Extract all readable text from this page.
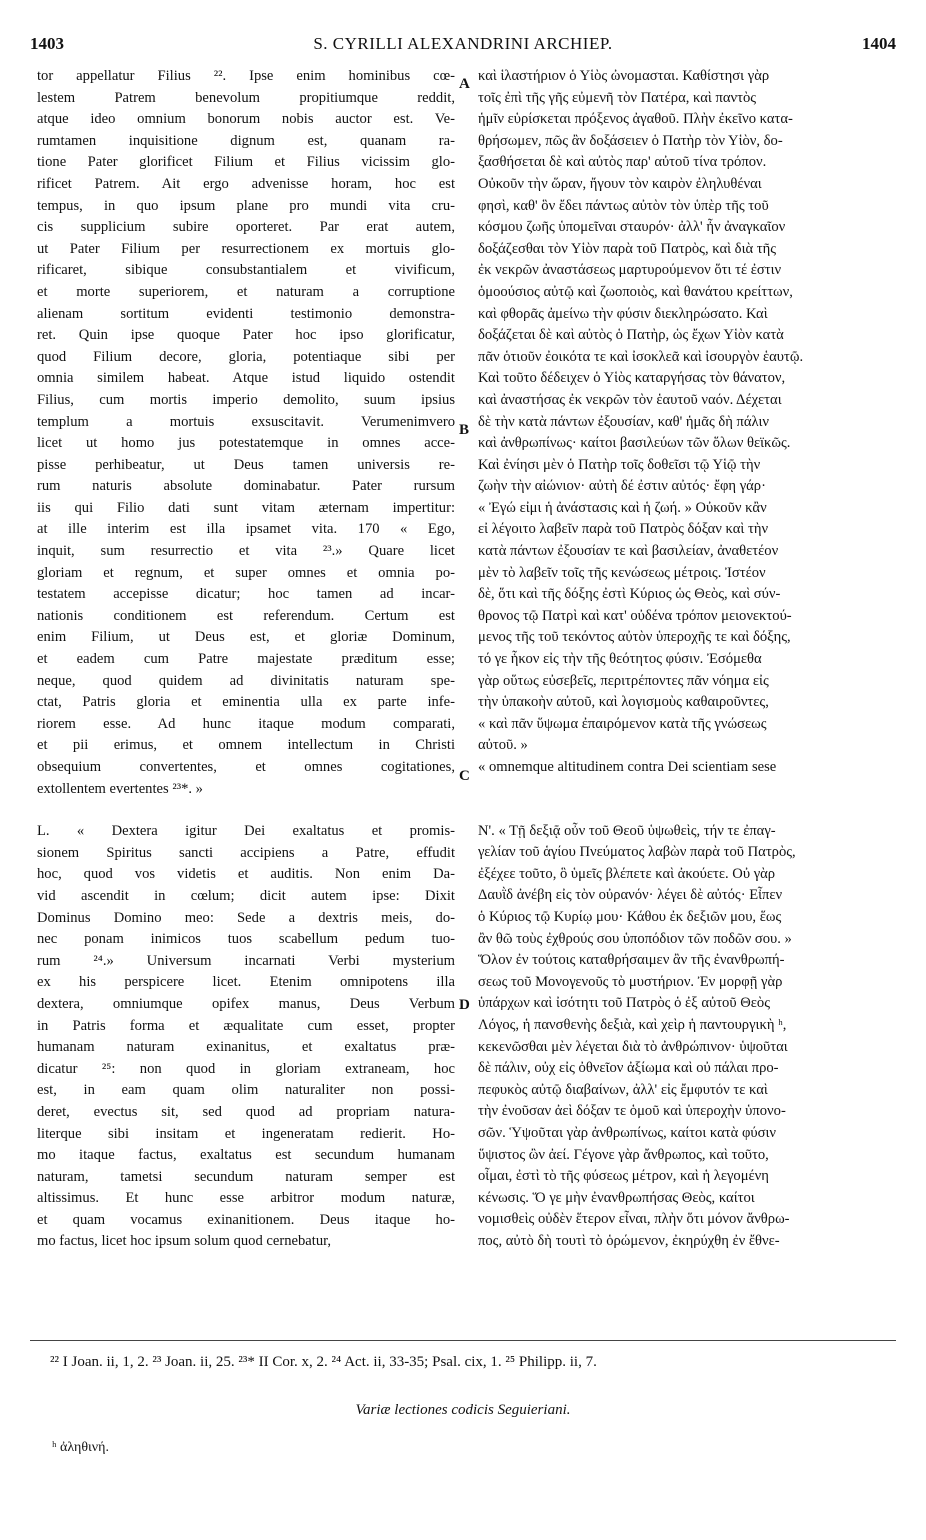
1403	S. CYRILLI ALEXANDRINI ARCHIEP.	1404
tor appellatur Filius ²². Ipse enim hominibus cœ-
lestem Patrem benevolum propitiumque reddit,
atque ideo omnium bonorum nobis auctor est. Ve-
rumtamen inquisitione dignum est, quanam ra-
tione Pater glorificet Filium et Filius vicissim glo-
rificet Patrem. Ait ergo advenisse horam, hoc est
tempus, in quo ipsum plane pro mundi vita cru-
cis supplicium subire oporteret. Par erat autem,
ut Pater Filium per resurrectionem ex mortuis glo-
rificaret, sibique consubstantialem et vivificum,
et morte superiorem, et naturam a corruptione
alienam sortitum evidenti testimonio demonstra-
ret. Quin ipse quoque Pater hoc ipso glorificatur,
quod Filium decore, gloria, potentiaque sibi per
omnia similem habeat. Atque istud liquido ostendit
Filius, cum mortis imperio demolito, suum ipsius
templum a mortuis exsuscitavit. Verumenimvero
licet ut homo jus potestatemque in omnes acce-
pisse perhibeatur, ut Deus tamen universis re-
rum naturis absolute dominabatur. Pater rursum
iis qui Filio dati sunt vitam æternam impertitur:
at ille interim est illa ipsamet vita. 170 « Ego,
inquit, sum resurrectio et vita ²³.» Quare licet
gloriam et regnum, et super omnes et omnia po-
testatem accepisse dicatur; hoc tamen ad incar-
nationis conditionem est referendum. Certum est
enim Filium, ut Deus est, et gloriæ Dominum,
et eadem cum Patre majestate præditum esse;
neque, quod quidem ad divinitatis naturam spe-
ctat, Patris gloria et eminentia ulla ex parte infe-
riorem esse. Ad hunc itaque modum comparati,
et pii erimus, et omnem intellectum in Christi
obsequium convertentes, et omnes cogitationes,
extollentem evertentes ²³*. »
L. « Dextera igitur Dei exaltatus et promis-
sionem Spiritus sancti accipiens a Patre, effudit
hoc, quod vos videtis et auditis. Non enim Da-
vid ascendit in cœlum; dicit autem ipse: Dixit
Dominus Domino meo: Sede a dextris meis, do-
nec ponam inimicos tuos scabellum pedum tuo-
rum ²⁴.» Universum incarnati Verbi mysterium
ex his perspicere licet. Etenim omnipotens illa
dextera, omniumque opifex manus, Deus Verbum
in Patris forma et æqualitate cum esset, propter
humanam naturam exinanitus, et exaltatus præ-
dicatur ²⁵: non quod in gloriam extraneam, hoc
est, in eam quam olim naturaliter non possi-
deret, evectus sit, sed quod ad propriam natura-
literque sibi insitam et ingeneratam redierit. Ho-
mo itaque factus, exaltatus est secundum humanam
naturam, tametsi secundum naturam semper est
altissimus. Et hunc esse arbitror modum naturæ,
et quam vocamus exinanitionem. Deus itaque ho-
mo factus, licet hoc ipsum solum quod cernebatur,
καὶ ἱλαστήριον ὁ Υἱὸς ὠνομασται. Καθίστησι γὰρ
τοῖς ἐπὶ τῆς γῆς εὐμενῆ τὸν Πατέρα, καὶ παντὸς
ἡμῖν εὑρίσκεται πρόξενος ἀγαθοῦ. Πλὴν ἐκεῖνο κατα-
θρήσωμεν, πῶς ἂν δοξάσειεν ὁ Πατὴρ τὸν Υἱὸν, δο-
ξασθήσεται δὲ καὶ αὐτὸς παρ' αὐτοῦ τίνα τρόπον.
Οὐκοῦν τὴν ὥραν, ἤγουν τὸν καιρὸν ἐληλυθέναι
φησὶ, καθ' ὃν ἔδει πάντως αὐτὸν τὸν ὑπὲρ τῆς τοῦ
κόσμου ζωῆς ὑπομεῖναι σταυρόν· ἀλλ' ἦν ἀναγκαῖον
δοξάζεσθαι τὸν Υἱὸν παρὰ τοῦ Πατρὸς, καὶ διὰ τῆς
ἐκ νεκρῶν ἀναστάσεως μαρτυρούμενον ὅτι τέ ἐστιν
ὁμοούσιος αὐτῷ καὶ ζωοποιὸς, καὶ θανάτου κρείττων,
καὶ φθορᾶς ἀμείνω τὴν φύσιν διεκληρώσατο. Καὶ
δοξάζεται δὲ καὶ αὐτὸς ὁ Πατὴρ, ὡς ἔχων Υἱὸν κατὰ
πᾶν ὁτιοῦν ἐοικότα τε καὶ ἰσοκλεᾶ καὶ ἰσουργὸν ἑαυτῷ.
Καὶ τοῦτο δέδειχεν ὁ Υἱὸς καταργήσας τὸν θάνατον,
καὶ ἀναστήσας ἐκ νεκρῶν τὸν ἑαυτοῦ ναόν. Δέχεται
δὲ τὴν κατὰ πάντων ἐξουσίαν, καθ' ἡμᾶς δὴ πάλιν
καὶ ἀνθρωπίνως· καίτοι βασιλεύων τῶν ὅλων θεϊκῶς.
Καὶ ἐνίησι μὲν ὁ Πατὴρ τοῖς δοθεῖσι τῷ Υἱῷ τὴν
ζωὴν τὴν αἰώνιον· αὐτὴ δέ ἐστιν αὐτός· ἔφη γάρ·
« Ἐγώ εἰμι ἡ ἀνάστασις καὶ ἡ ζωή. » Οὐκοῦν κἂν
εἰ λέγοιτο λαβεῖν παρὰ τοῦ Πατρὸς δόξαν καὶ τὴν
κατὰ πάντων ἐξουσίαν τε καὶ βασιλείαν, ἀναθετέον
μὲν τὸ λαβεῖν τοῖς τῆς κενώσεως μέτροις. Ἰστέον
δὲ, ὅτι καὶ τῆς δόξης ἐστὶ Κύριος ὡς Θεὸς, καὶ σύν-
θρονος τῷ Πατρὶ καὶ κατ' οὐδένα τρόπον μειονεκτού-
μενος τῆς τοῦ τεκόντος αὐτὸν ὑπεροχῆς τε καὶ δόξης,
τό γε ἧκον εἰς τὴν τῆς θεότητος φύσιν. Ἐσόμεθα
γὰρ οὕτως εὐσεβεῖς, περιτρέποντες πᾶν νόημα εἰς
τὴν ὑπακοὴν αὐτοῦ, καὶ λογισμοὺς καθαιροῦντες,
« καὶ πᾶν ὕψωμα ἐπαιρόμενον κατὰ τῆς γνώσεως
αὐτοῦ. »
« omnemque altitudinem contra Dei scientiam sese
Ν'. « Τῇ δεξιᾷ οὖν τοῦ Θεοῦ ὑψωθεὶς, τήν τε ἐπαγ-
γελίαν τοῦ ἁγίου Πνεύματος λαβὼν παρὰ τοῦ Πατρὸς,
ἐξέχεε τοῦτο, ὃ ὑμεῖς βλέπετε καὶ ἀκούετε. Οὐ γὰρ
Δαυῒδ ἀνέβη εἰς τὸν οὐρανόν· λέγει δὲ αὐτός· Εἶπεν
ὁ Κύριος τῷ Κυρίῳ μου· Κάθου ἐκ δεξιῶν μου, ἕως
ἂν θῶ τοὺς ἐχθρούς σου ὑποπόδιον τῶν ποδῶν σου. »
Ὅλον ἐν τούτοις καταθρήσαιμεν ἂν τῆς ἐνανθρωπή-
σεως τοῦ Μονογενοῦς τὸ μυστήριον. Ἐν μορφῇ γὰρ
ὑπάρχων καὶ ἰσότητι τοῦ Πατρὸς ὁ ἐξ αὐτοῦ Θεὸς
Λόγος, ἡ πανσθενὴς δεξιὰ, καὶ χεὶρ ἡ παντουργικὴ ʰ,
κεκενῶσθαι μὲν λέγεται διὰ τὸ ἀνθρώπινον· ὑψοῦται
δὲ πάλιν, οὐχ εἰς ὀθνεῖον ἀξίωμα καὶ οὐ πάλαι προ-
πεφυκὸς αὐτῷ διαβαίνων, ἀλλ' εἰς ἔμφυτόν τε καὶ
τὴν ἐνοῦσαν ἀεὶ δόξαν τε ὁμοῦ καὶ ὑπεροχὴν ὑπονο-
σῶν. Ὑψοῦται γὰρ ἀνθρωπίνως, καίτοι κατὰ φύσιν
ὕψιστος ὢν ἀεί. Γέγονε γὰρ ἄνθρωπος, καὶ τοῦτο,
οἶμαι, ἐστὶ τὸ τῆς φύσεως μέτρον, καὶ ἡ λεγομένη
κένωσις. Ὅ γε μὴν ἐνανθρωπήσας Θεὸς, καίτοι
νομισθεὶς οὐδὲν ἕτερον εἶναι, πλὴν ὅτι μόνον ἄνθρω-
πος, αὐτὸ δὴ τουτὶ τὸ ὁρώμενον, ἐκηρύχθη ἐν ἔθνε-
A
B
C
D
²² I Joan. ii, 1, 2. ²³ Joan. ii, 25. ²³* II Cor. x, 2. ²⁴ Act. ii, 33-35; Psal. cix, 1. ²⁵ Philipp. ii, 7.
Variæ lectiones codicis Seguieriani.
ʰ ἀληθινή.
